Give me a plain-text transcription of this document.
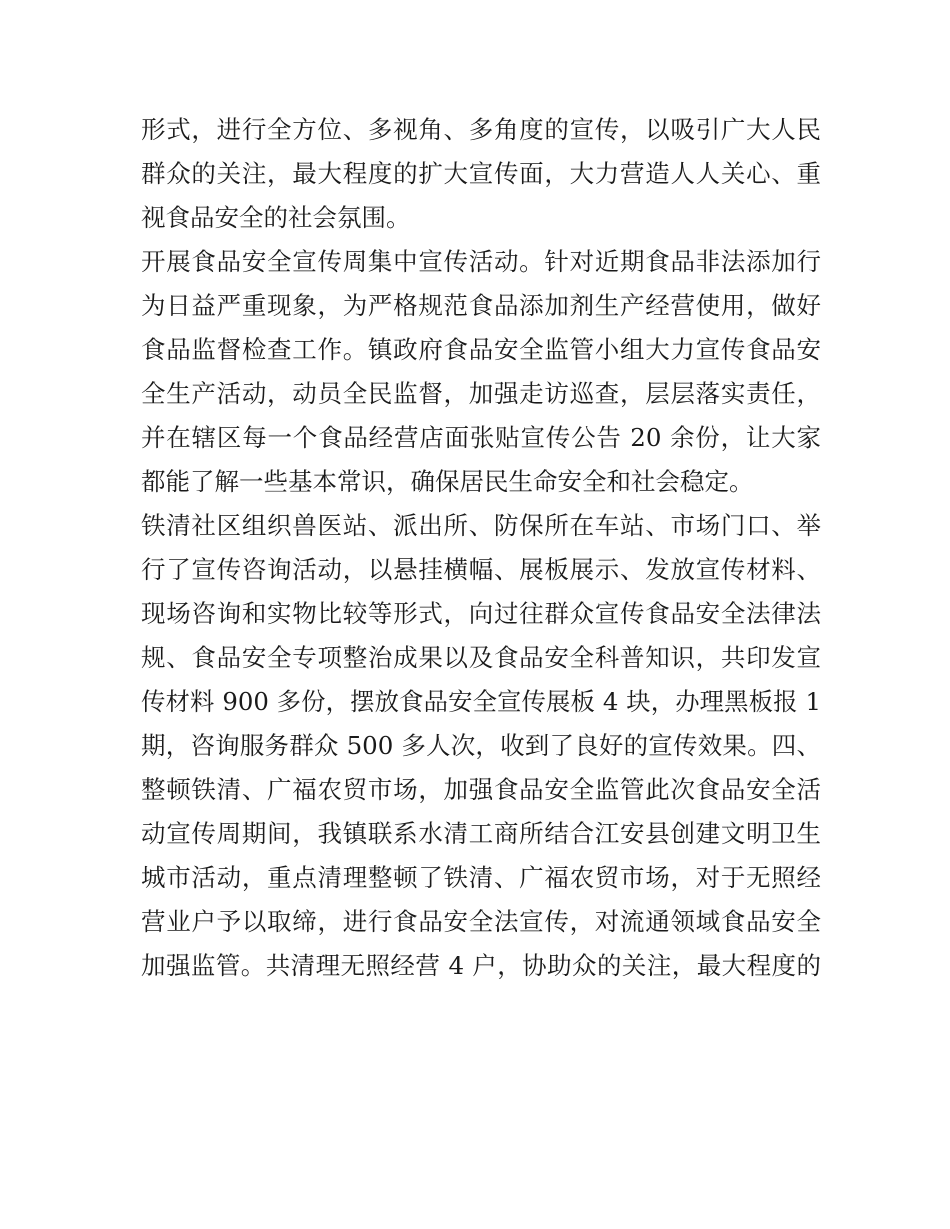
形式，进行全方位、多视角、多角度的宣传，以吸引广大人民
群众的关注，最大程度的扩大宣传面，大力营造人人关心、重
视食品安全的社会氛围。
开展食品安全宣传周集中宣传活动。针对近期食品非法添加行
为日益严重现象，为严格规范食品添加剂生产经营使用，做好
食品监督检查工作。镇政府食品安全监管小组大力宣传食品安
全生产活动，动员全民监督，加强走访巡查，层层落实责任，
并在辖区每一个食品经营店面张贴宣传公告 20 余份，让大家
都能了解一些基本常识，确保居民生命安全和社会稳定。
铁清社区组织兽医站、派出所、防保所在车站、市场门口、举
行了宣传咨询活动，以悬挂横幅、展板展示、发放宣传材料、
现场咨询和实物比较等形式，向过往群众宣传食品安全法律法
规、食品安全专项整治成果以及食品安全科普知识，共印发宣
传材料 900 多份，摆放食品安全宣传展板 4 块，办理黑板报 1
期，咨询服务群众 500 多人次，收到了良好的宣传效果。四、
整顿铁清、广福农贸市场，加强食品安全监管此次食品安全活
动宣传周期间，我镇联系水清工商所结合江安县创建文明卫生
城市活动，重点清理整顿了铁清、广福农贸市场，对于无照经
营业户予以取缔，进行食品安全法宣传，对流通领域食品安全
加强监管。共清理无照经营 4 户，协助众的关注，最大程度的
